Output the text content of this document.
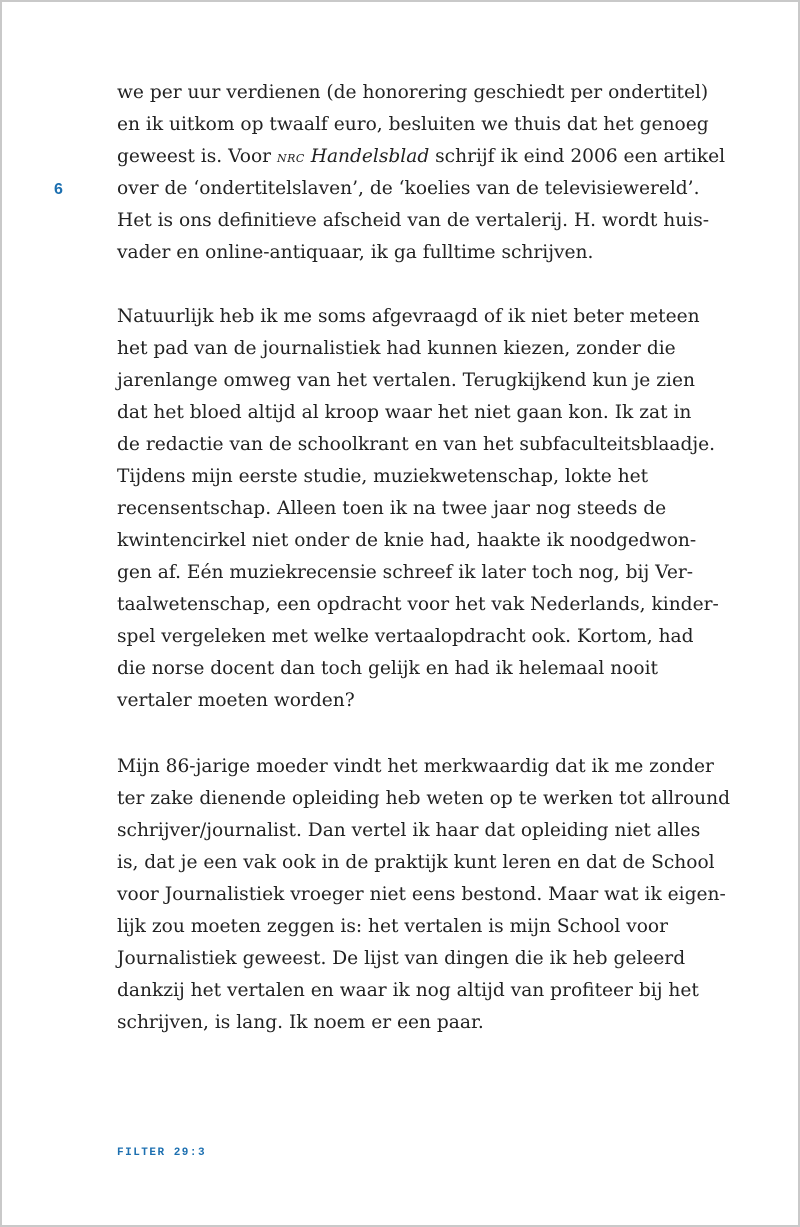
6
we per uur verdienen (de honorering geschiedt per ondertitel)
en ik uitkom op twaalf euro, besluiten we thuis dat het genoeg
geweest is. Voor nrc Handelsblad schrijf ik eind 2006 een artikel
over de ‘ondertitelslaven’, de ‘koelies van de televisiewereld’.
Het is ons definitieve afscheid van de vertalerij. H. wordt huis-
vader en online-antiquaar, ik ga fulltime schrijven.
Natuurlijk heb ik me soms afgevraagd of ik niet beter meteen
het pad van de journalistiek had kunnen kiezen, zonder die
jarenlange omweg van het vertalen. Terugkijkend kun je zien
dat het bloed altijd al kroop waar het niet gaan kon. Ik zat in
de redactie van de schoolkrant en van het subfaculteitsblaadje.
Tijdens mijn eerste studie, muziekwetenschap, lokte het
recensentschap. Alleen toen ik na twee jaar nog steeds de
kwintencirkel niet onder de knie had, haakte ik noodgedwon-
gen af. Eén muziekrecensie schreef ik later toch nog, bij Ver-
taalwetenschap, een opdracht voor het vak Nederlands, kinder-
spel vergeleken met welke vertaalopdracht ook. Kortom, had
die norse docent dan toch gelijk en had ik helemaal nooit
vertaler moeten worden?
Mijn 86-jarige moeder vindt het merkwaardig dat ik me zonder
ter zake dienende opleiding heb weten op te werken tot allround
schrijver/journalist. Dan vertel ik haar dat opleiding niet alles
is, dat je een vak ook in de praktijk kunt leren en dat de School
voor Journalistiek vroeger niet eens bestond. Maar wat ik eigen-
lijk zou moeten zeggen is: het vertalen is mijn School voor
Journalistiek geweest. De lijst van dingen die ik heb geleerd
dankzij het vertalen en waar ik nog altijd van profiteer bij het
schrijven, is lang. Ik noem er een paar.
FILTER 29:3
